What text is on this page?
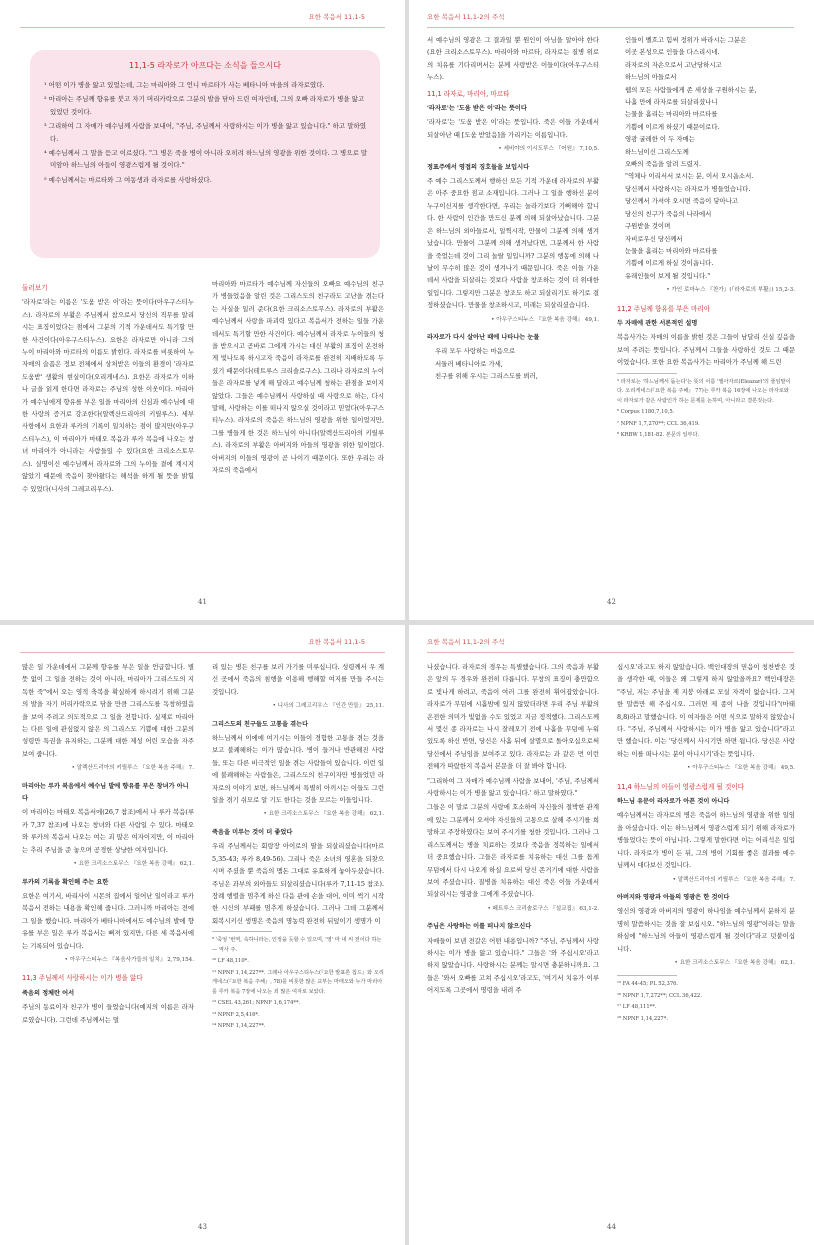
요한 복음서 11,1-5
11,1-5 라자로가 아프다는 소식을 들으시다

¹ 어떤 이가 병을 앓고 있었는데, 그는 마리아와 그 언니 마르타가 사는 베타니아 마을의 라자로였다.

² 마리아는 주님께 향유를 붓고 자기 머리카락으로 그분의 발을 닦아 드린 여자인데, 그의 오빠 라자로가 병을 앓고 있었던 것이다.

³ 그리하여 그 자매가 예수님께 사람을 보내어, "주님, 주님께서 사랑하시는 이가 병을 앓고 있습니다." 하고 말하였다.

⁴ 예수님께서 그 말을 듣고 이르셨다. "그 병은 죽을 병이 아니라 오히려 하느님의 영광을 위한 것이다. 그 병으로 말미암아 하느님의 아들이 영광스럽게 될 것이다."

⁵ 예수님께서는 마르타와 그 여동생과 라자로를 사랑하셨다.

둘러보기

'라자로'라는 이름은 '도움 받은 이'라는 뜻이다(아우구스티누스). 라자로의 부활은 주님께서 참으로서 당신의 직무를 알리시는 표징이었다는 점에서 그분의 기적 가운데서도 특기할 만한 사건이다(아우구스티누스). 요한은 라자로만 아니라 그의 누이 마리아와 마르타의 이름도 밝힌다. 라자로를 비롯하여 누 자매의 슬픔은 정보 전체에서 상처받은 이들의 환경이 '라자로 도움받' 생활의 현실이다(오리게네스). 요한은 라자로가 이하나 글을 읽게 한다면 라자로는 주님의 성한 이웃이다. 마리아가 예수님에게 향유를 부은 일을 마리아의 신심과 예수님에 대한 사랑의 증거로 강조한다(알렉산드리아의 키릴루스). 세부 사항에서 요한과 루카의 기록이 일치하는 점이 많지만(아우구스티누스), 이 마리아가 마태오 복음과 루카 복음에 나오는 창녀 마리아가 아니라는 사람들일 수 있다(요한 크리소스토무스). 실명이신 예수님께서 라자로와 그의 누이들 곁에 계시지 않았기 때문에 죽음이 찾아왔다는 해석을 하게 될 뜻을 밝힐 수 있었다(니사의 그레고리우스).

마리아와 마르타가 예수님께 자신들의 오빠요 예수님의 친구가 병들었음을 알린 것은 그리스도의 친구라도 고난을 겪는다는 사실을 일러 준다(요한 크리소스토무스). 라자로의 부활은 예수님께서 사랑을 파괴력 있다고 복음서가 전하는 일들 가운데서도 특기할 만한 사건이다. 예수님께서 라자로 누이들의 청을 받으시고 곧바로 그에게 가시는 대신 부활의 표징이 온전하게 빛나도록 하시고자 죽음이 라자로를 완전히 지배하도록 두셨기 때문이다(테트루스 크리솔로구스). 그리나 라자로의 누이들은 라자로를 넣게 해 달라고 예수님께 청하는 관점을 보이지 않았다. 그들은 예수님께서 사랑하실 때 사랑으로 하는, 다시 말해, 사랑하는 이를 떠나지 않으실 것이라고 믿었다(아우구스티누스). 라자로의 죽음은 하느님의 영광을 위한 일이었지만, 그를 병들게 한 것은 하느님이 아니다(알렉산드리아의 키릴루스). 라자로의 부활은 아버지와 아들의 영광을 위한 일이었다. 아버지의 이들의 영광이 곧 나이기 때문이다. 또한 우리는 라자로의 죽음에서

41
요한 복음서 11,1-2의 주석

서 예수님의 영광은 그 결과일 뿐 원인이 아님을 알아야 한다(요한 크리소스토무스). 마리아와 마르타, 라자로는 질병 위로의 치유를 기다리며서는 분께 사랑받은 이들이다(아우구스티누스).

11,1 라자로, 마리아, 마르타
'라자로'는 '도움 받은 이'라는 뜻이다

'라자로'는 '도움 받은 이'라는 뜻입니다. 죽은 이들 가운데서 되살아난 때 [도움 받았음]을 가리키는 이름입니다.

• 세비야의 이시도루스 『어원』 7,10,5.
정표주에서 영접의 징호들을 보입시다

주 예수 그리스도께서 행하신 모든 기적 가운데 라자로의 부활은 아주 중요한 점교 소재입니다. 그러나 그 일을 행하신 분이 누구이신지를 생각한다면, 우리는 놀라기보다 기뻐해야 합니다. 한 사람이 인간을 만드신 분께 의해 되살아났습니다. 그분은 하느님의 외아들로서, 일찍시작, 만물이 그분께 의해 생겨났습니다. 만물이 그분께 의해 생겨났다면, 그분께서 한 사람을 죽었는데 것이 그리 놀랄 일입니까? 그분의 행동에 의해 나날이 무수히 많은 것이 생겨나기 때문입니다. 죽은 이들 가운데서 사람을 되살리는 것보다 사람을 창조하는 것이 더 위대한 일입니다. 그렇지만 그분은 창조도 하고 되살리기도 하기로 결정하셨습니다. 만물을 창조하시고, 미래는 되살리셨습니다.

• 아우구스티누스 『요한 복음 강해』 49,1.
라자로가 다시 살아난 때에 나타나는 눈물
우리 모두 사랑하는 마음으로
서둘러 베타니아로 가세,
친구를 위해 우시는 그리스도를 뵈러,
인들이 벨흐고 힘써 정위가 바라시는 그분은
이곳 본성으로 인들을 다스리시네.
라자로의 자손으로서 고난당하시고
하느님의 아들로서
웹의 모든 사람들에게 존 세상을 구원하시는 분,
나흘 만에 라자로를 되살리셨나니
는물을 흘리는 마리아와 마르타를
기쁨에 이르게 하셨기 때문이로다.
영광 굴레한 이 두 자매는
하느님이신 그리스도께
오빠의 죽음을 알려 드렸지.
"역체나 이리서서 보시는 분, 이서 오시옵소서.
당신께서 사랑하시는 라자로가 병들었습니다.
당신께서 가셔야 오시면 죽음이 닿아나고
당신의 친구가 죽음의 나라에서
구원받을 것이며
자비로우신 당신께서
눈물을 흘리는 마리아와 마르타를
기쁨에 이르게 하실 것이옵니다.
유래인들이 보게 될 것입니다."
• 가인 로마누스 『찬가』(『라자로의 부활』) 15,2-3.
11,2 주님께 향유를 부은 마리아
두 자매에 관한 서론적인 설명

복음사가는 자매의 이름을 밝힌 것은 그들이 남달리 신실 깊음을 보여 주려는 뜻입니다. 주님께서 그들을 사랑하신 것도 그 때문이었습니다. 또한 요한 복음사가는 마리아가 주님께 해 드린

⁵ 라자로는 '하느님께서 돕는다'는 뜻의 이름 '엘아자르(Eleazar)'의 줄임말이다. 오리게네스(『요한 복음 주해』 77)는 루카 복음 16장에 나오는 라자로와 이 라자로가 같은 사람인가 하는 문제를 논하며, 아니라고 결론짓는다.
⁶ Corpus 1180,7,10,5.
⁷ NPNF 1,7,270**; CCL 36,419.
⁸ KRBW 1,181-82. 본문의 일부다.
42
요한 복음서 11,1-5

많은 일 가운데에서 그분께 향유를 부은 일을 언급합니다. 별 뜻 없이 그 일을 전하는 것이 아니라, 마리아가 그리스도의 지독한 죽"에서 오는 영적 축복을 확실하게 하시려기 위해 그분의 발을 자기 머리카락으로 닦을 만큼 그리스도를 독창하였음을 보여 주려고 의도적으로 그 일을 전합니다. 실제로 마리아는 다른 일에 관심없지 않은 의 그리스도 기쁨에 대한 그분의 성령만 특권을 유지하는, 그분께 대한 제성 어린 모습을 자주 보여 줍니다.

• 알렉산드리아의 키릴루스 『요한 복음 주해』 7.
마리아는 루카 복음에서 예수님 발에 향유를 부은 창녀가 아니다

이 마리아는 마태오 복음서에(26,7 참조)에서 나 루카 복음(루카 7,37 참조)에 나오는 창녀와 다른 사람일 수 있다. 마태오와 루카의 복음서 나오는 여는 괴 많은 여자이지만, 이 마리아는 추리 주님을 준 놓으며 공경한 상냥한 여자입니다.

• 요한 크리소스토무스 『요한 복음 강해』 62,1.
루카의 기록을 확인해 주는 요한

요한은 여기서, 바리사이 시몬의 집에서 일어난 일이라고 루카 복음서 전하는 내용을 확인해 줍니다. 그러니까 마리아는 전에 그 일을 했습니다. 마리아가 베타니아에서도 예수님의 발에 향유를 부은 일은 루카 복음서는 뻐져 있지만, 다른 세 복음서에는 기록되어 있습니다.

• 아우구스티누스 『복음사가들의 일치』 2,79,154.
11,3 주님께서 사랑하시는 이가 병을 앓다
죽음의 정체란 어서

주님의 동료이자 친구가 병이 들었습니다(예지의 이름은 라자로였습니다). 그런데 주님께서는 멀

리 있는 병든 친구를 보러 가기를 미루십니다. 성령께서 우 계신 곳에서 죽음의 침행을 이용해 행해할 여지를 만들 주시는 것입니다.

• 니사의 그레고리우스 『인간 만들』 25,11.
그리스도의 친구들도 고통을 겪는다

하느님께서 이에에 여기시는 이들이 경험한 고통을 겪는 것을 보고 불쾌해하는 이가 많습니다. 병이 들거나 반관해진 사람들, 또는 다른 비극적인 일을 겪는 사람들이 있습니다. 이런 일에 불쾌해하는 사람들은, 그리스도의 친구이자만 병들었던 라자로의 이야기 보면, 하느님께서 특별히 아끼시는 이들도 그런 일을 겪기 쉬모로 알 기도 한다는 것을 모르는 이들입니다.

• 요한 크리소스토무스 『요한 복음 강해』 62,1.
죽음을 미루는 것이 더 좋었다

우리 주님께서는 회랑장 아이로의 딸을 되살리셨습니다(마르 5,35-43; 루카 8,49-56). 그리나 죽은 소녀의 영혼을 되찾으시며 주셨을 뿐 죽음의 멤돈 그대로 유효하게 놓아두셨습니다. 주님은 과부의 외아들도 되살리셨습니다(루카 7,11-15 참조). 장례 행렬을 멈추게 하신 다음 관에 손을 대어, 이미 썩기 시작한 시신의 부패를 멈추게 하셨습니다. 그러나 그데 그분께서 회복시키신 생명은 죽음의 명농력 완전히 뒤덮이기 생명가 이

⁹ '죽엉 '번역, 속하니라는, 인정을 듯할 수 있으며, '영' 마 내 씨 전이다 하는 — 역사 주.
¹⁰ LF 48,110*.
¹¹ NPNF 1,14,227**. 그래나 아우구스티누스(『요한 발표론 칩드』와 오리게네스(『요한 복음 주해』, 78)를 비롯한 많은 교부는 마태오와 누가 마리아를 루카 복음 7장에 나오는 죄 많은 여자로 보았다.
¹² CSEL 43,261; NPNF 1,6,174**.
¹³ NPNF 2,5,416*.
¹⁴ NPNF 1,14,227**.
43
요한 복음서 11,1-2의 주석

나셨습니다. 라자로의 경우는 특별했습니다. 그의 죽음과 부활은 앞의 두 경우와 완전히 다릅니다. 무창의 표징이 충만함으로 빛나게 하려고, 죽음이 여러 그를 완전히 휘어잡았습니다. 라자로가 무덤에 시흘밤에 있지 않았더라면 우리 주님 부활의 온전한 의미가 빛없을 수도 있었고 지금 정적했다. 그리스도께서 몇신 종 라자로는 나시 잘레오기 전에 나흘을 무덤에 누워 있도록 하신 반면, 당신은 사흘 뒤에 살멸으로 돌아오십으로써 당신에서 주님임을 보여주고 있다. 라자로는 과 같은 먼 이런 전혜가 따랐한지 복음서 본문을 더 잘 봐야 합니다.

"그리하여 그 자매가 예수님께 사람을 보내어, '주님, 주님께서 사랑하시는 이가 병을 앓고 있습니다.' 하고 말하였다."

그들은 이 말로 그분의 사랑에 호소하여 자신들의 절박한 관계에 있는 그분께서 오셔야 자신들의 고통으로 살해 주시기를 희망하고 주장하였다는 보여 주시기를 청한 것입니다. 그러나 그리스도께서는 병을 치료하는 것보다 죽음을 정복하는 일에서 더 중요했습니다. 그들은 라자로를 치유하는 대신 그를 돕게 무덤에서 다시 나오게 하실 요로써 당신 존거기에 대한 사람을 보여 주셨습니다. 질병을 치유하는 대신 죽은 이들 가운데서 되살리시는 영광을 그에게 주셨습니다.

• 페트루스 크리솔로구스 『설교집』 63,1-2.
주님은 사랑하는 이를 떠나지 않으신다

자매들이 보낸 전갈은 어떤 내용입니까? "주님, 주님께서 사랑하시는 이가 병을 앓고 있습니다." 그들은 '와 주십시오'라고 하지 않았습니다. 사랑하시는 분께는 알시면 충분하니까요. 그들은 '와서 오빠를 고쳐 주십시오'라고도, '여기서 치유가 이루어지도록 그곳에서 명령을 내려 주

십시오'라고도 하지 않았습니다. 백인대장의 믿음이 칭찬받은 것을 생각한 때, 이들은 왜 그렇게 하지 않았을까요? 백인대장은 "주님, 저는 주님을 제 지붕 아래로 모실 자격이 없습니다. 그저 한 말씀만 해 주십시오. 그러면 제 종이 나을 것입니다"(마태 8,8)라고 말했습니다. 이 여자들은 어떤 식으로 말하지 않았습니다. "주님, 주님께서 사랑하시는 이가 병을 앓고 있습니다"라고만 했습니다. 이는 '당신께서 사시기만 하면 됩니다. 당신은 사랑하는 이를 떠나시는 분이 아니시기'라는 뜻입니다.

• 아우구스티누스 『요한 복음 강해』 49,5.
11,4 하느님의 아들이 영광스럽게 될 것이다
하느님 유문이 라자로가 아픈 것이 아니다

예수님께서는 라자로의 병은 죽음이 하느님의 영광을 위한 일임을 아셨습니다. 이는 하느님께서 영광스럽게 되기 위해 라자로가 병들었다는 뜻이 아닙니다. 그렇게 말한다면 이는 어리석은 일입니다. 라자로가 병이 든 뒤, 그의 병이 기회를 좋은 결과를 예수님께서 대다보신 것입니다.

• 알렉산드리아의 키릴루스 『요한 복음 주해』 7.
아버지와 영광과 아들의 영광은 한 것이다

영신의 영광과 아버지의 영광이 하나임을 예수님께서 분하지 분명히 말씀하시는 것을 잘 보십시오. "하느님의 영광"이라는 말을 하심에 "하느님의 아들이 영광스럽게 될 것이다"라고 덧붙이십니다.

• 요한 크리소스토무스 『요한 복음 강해』 62,1.
¹⁵ FA 44-45; PL 52,376.
¹⁶ NPNF 1,7,272**; CCL 36,422.
¹⁷ LF 48,111**.
¹⁸ NPNF 1,14,227*.
44
